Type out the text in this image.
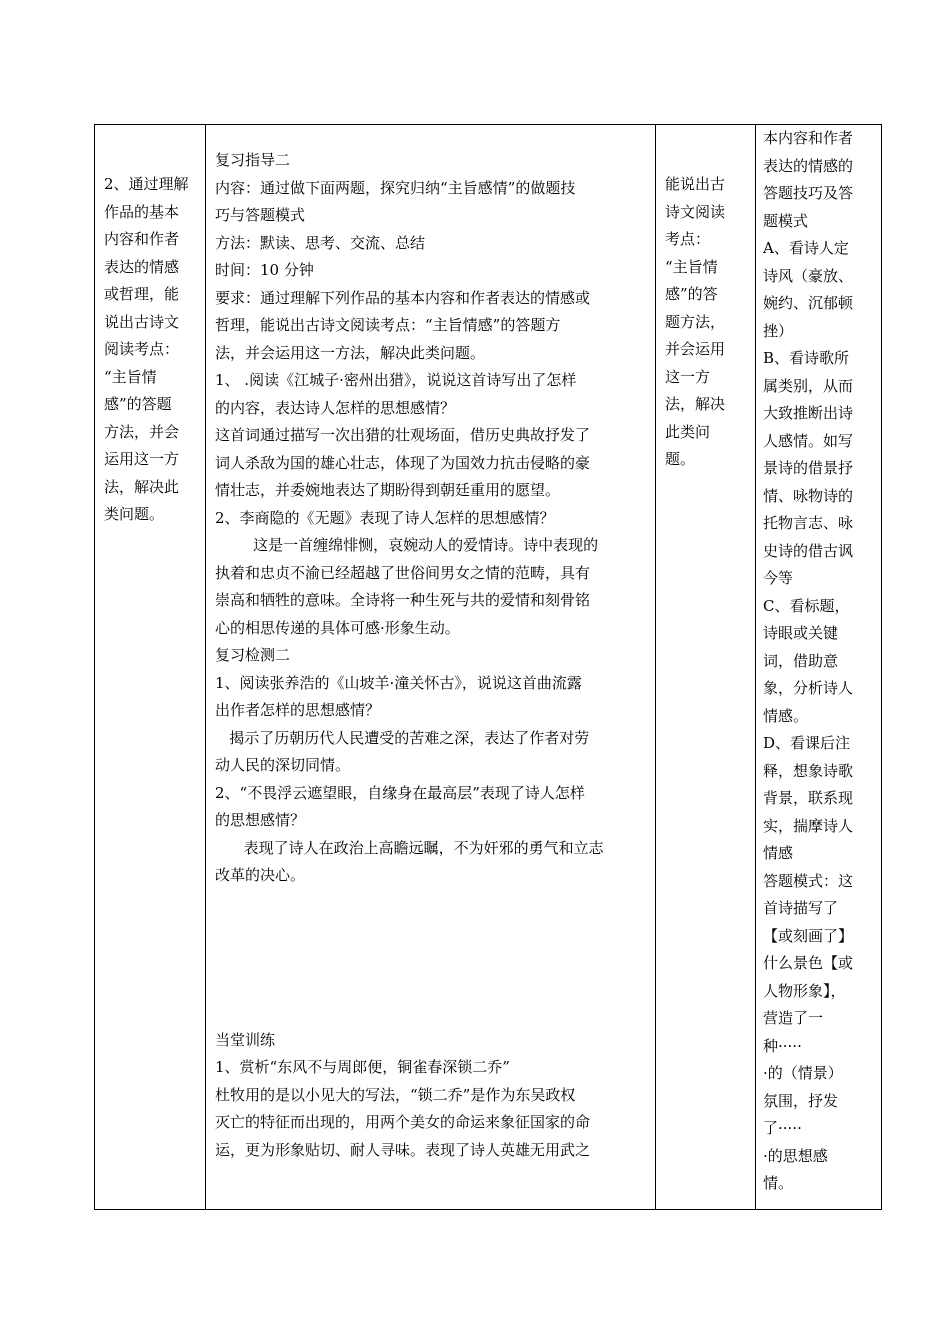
2、通过理解
作品的基本
内容和作者
表达的情感
或哲理，能
说出古诗文
阅读考点：
“主旨情
感”的答题
方法，并会
运用这一方
法，解决此
类问题。
复习指导二
内容：通过做下面两题，探究归纳“主旨感情”的做题技
巧与答题模式
方法：默读、思考、交流、总结
时间：10 分钟
要求：通过理解下列作品的基本内容和作者表达的情感或
哲理，能说出古诗文阅读考点：“主旨情感”的答题方
法，并会运用这一方法，解决此类问题。
1、 .阅读《江城子·密州出猎》，说说这首诗写出了怎样
的内容，表达诗人怎样的思想感情？
这首词通过描写一次出猎的壮观场面，借历史典故抒发了
词人杀敌为国的雄心壮志，体现了为国效力抗击侵略的豪
情壮志，并委婉地表达了期盼得到朝廷重用的愿望。
2、李商隐的《无题》表现了诗人怎样的思想感情？
这是一首缠绵悱恻，哀婉动人的爱情诗。诗中表现的
执着和忠贞不渝已经超越了世俗间男女之情的范畴，具有
崇高和牺牲的意味。全诗将一种生死与共的爱情和刻骨铭
心的相思传递的具体可感·形象生动。
复习检测二
1、阅读张养浩的《山坡羊·潼关怀古》，说说这首曲流露
出作者怎样的思想感情？
揭示了历朝历代人民遭受的苦难之深，表达了作者对劳
动人民的深切同情。
2、“不畏浮云遮望眼，自缘身在最高层”表现了诗人怎样
的思想感情？
表现了诗人在政治上高瞻远瞩，不为奸邪的勇气和立志
改革的决心。
当堂训练
1、赏析“东风不与周郎便，铜雀春深锁二乔”
杜牧用的是以小见大的写法，“锁二乔”是作为东吴政权
灭亡的特征而出现的，用两个美女的命运来象征国家的命
运，更为形象贴切、耐人寻味。表现了诗人英雄无用武之
能说出古
诗文阅读
考点：
“主旨情
感”的答
题方法，
并会运用
这一方
法，解决
此类问
题。
本内容和作者
表达的情感的
答题技巧及答
题模式
A、看诗人定
诗风（豪放、
婉约、沉郁顿
挫）
B、看诗歌所
属类别，从而
大致推断出诗
人感情。如写
景诗的借景抒
情、咏物诗的
托物言志、咏
史诗的借古讽
今等
C、看标题，
诗眼或关键
词，借助意
象，分析诗人
情感。
D、看课后注
释，想象诗歌
背景，联系现
实，揣摩诗人
情感
答题模式：这
首诗描写了
【或刻画了】
什么景色【或
人物形象】，
营造了一
种·····
·的（情景）
氛围，抒发
了·····
·的思想感
情。
